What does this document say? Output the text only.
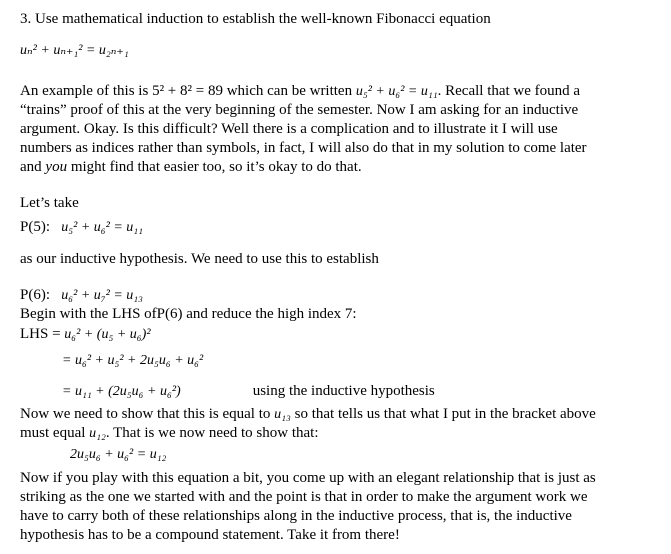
3. Use mathematical induction to establish the well-known Fibonacci equation
uₙ² + uₙ₊₁² = u₂ₙ₊₁
An example of this is 5² + 8² = 89 which can be written u₅² + u₆² = u₁₁. Recall that we found a
“trains” proof of this at the very beginning of the semester. Now I am asking for an inductive
argument. Okay. Is this difficult? Well there is a complication and to illustrate it I will use
numbers as indices rather than symbols, in fact, I will also do that in my solution to come later
and you might find that easier too, so it’s okay to do that.
Let’s take
P(5): u₅² + u₆² = u₁₁
as our inductive hypothesis. We need to use this to establish
P(6): u₆² + u₇² = u₁₃
Begin with the LHS ofP(6) and reduce the high index 7:
LHS = u₆² + (u₅ + u₆)²
= u₆² + u₅² + 2u₅u₆ + u₆²
= u₁₁ + (2u₅u₆ + u₆²)	using the inductive hypothesis
Now we need to show that this is equal to u₁₃ so that tells us that what I put in the bracket above
must equal u₁₂. That is we now need to show that:
2u₅u₆ + u₆² = u₁₂
Now if you play with this equation a bit, you come up with an elegant relationship that is just as
striking as the one we started with and the point is that in order to make the argument work we
have to carry both of these relationships along in the inductive process, that is, the inductive
hypothesis has to be a compound statement. Take it from there!
